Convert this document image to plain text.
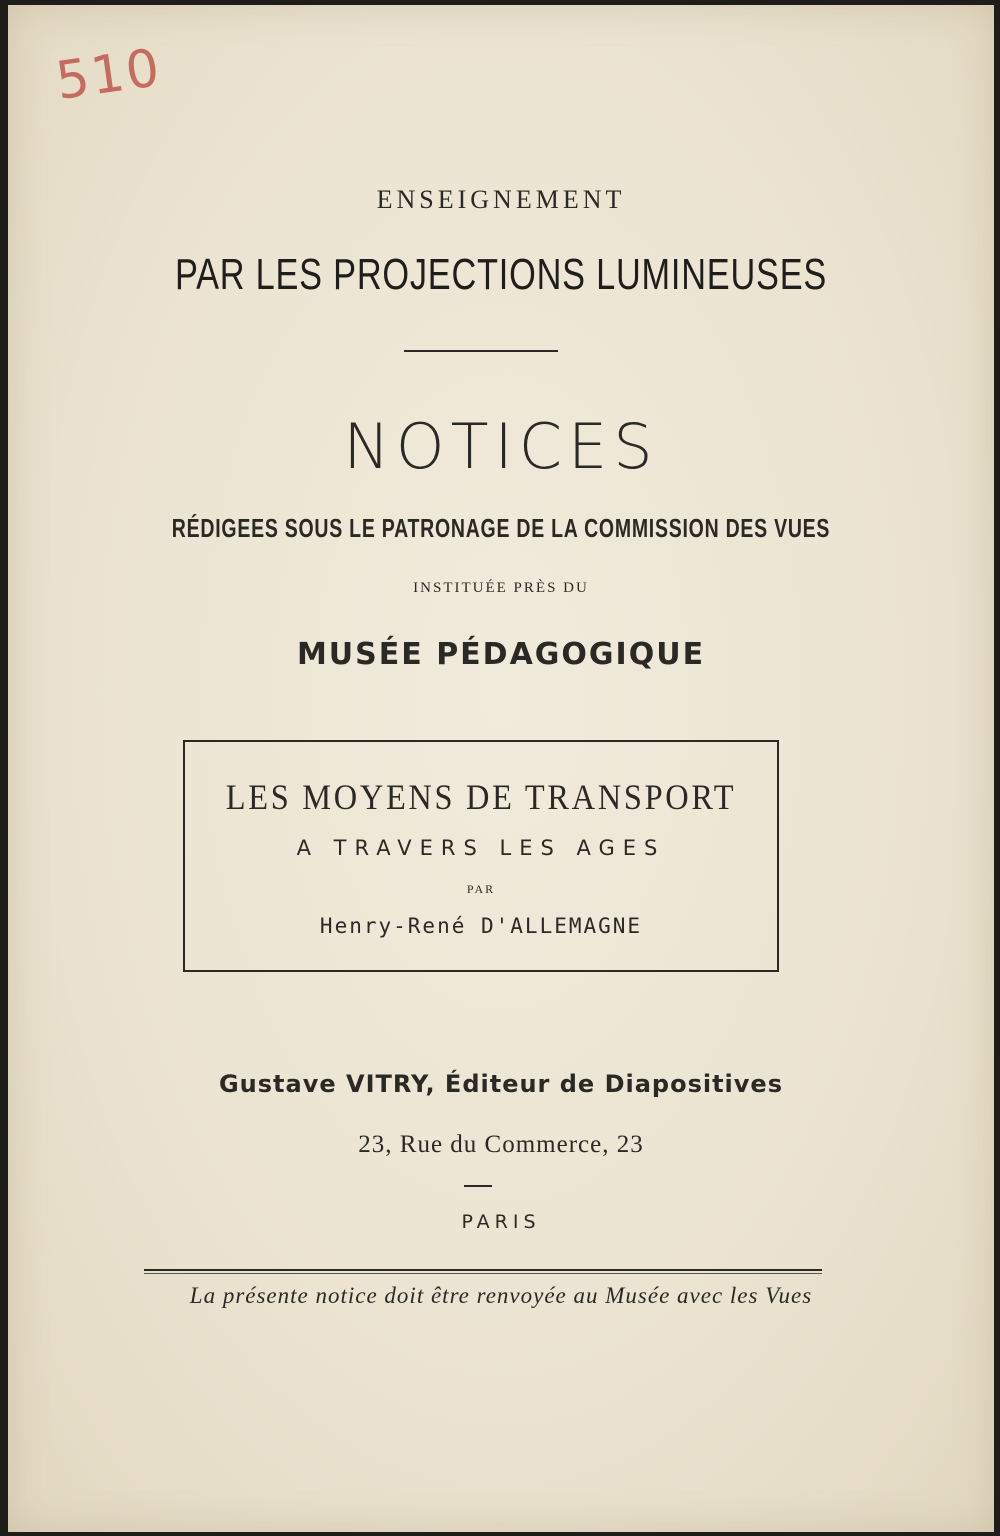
510
ENSEIGNEMENT
PAR LES PROJECTIONS LUMINEUSES
NOTICES
RÉDIGEES SOUS LE PATRONAGE DE LA COMMISSION DES VUES
INSTITUÉE PRÈS DU
MUSÉE PÉDAGOGIQUE
LES MOYENS DE TRANSPORT
A TRAVERS LES AGES
PAR
Henry-René D'ALLEMAGNE
Gustave VITRY, Éditeur de Diapositives
23, Rue du Commerce, 23
PARIS
La présente notice doit être renvoyée au Musée avec les Vues
